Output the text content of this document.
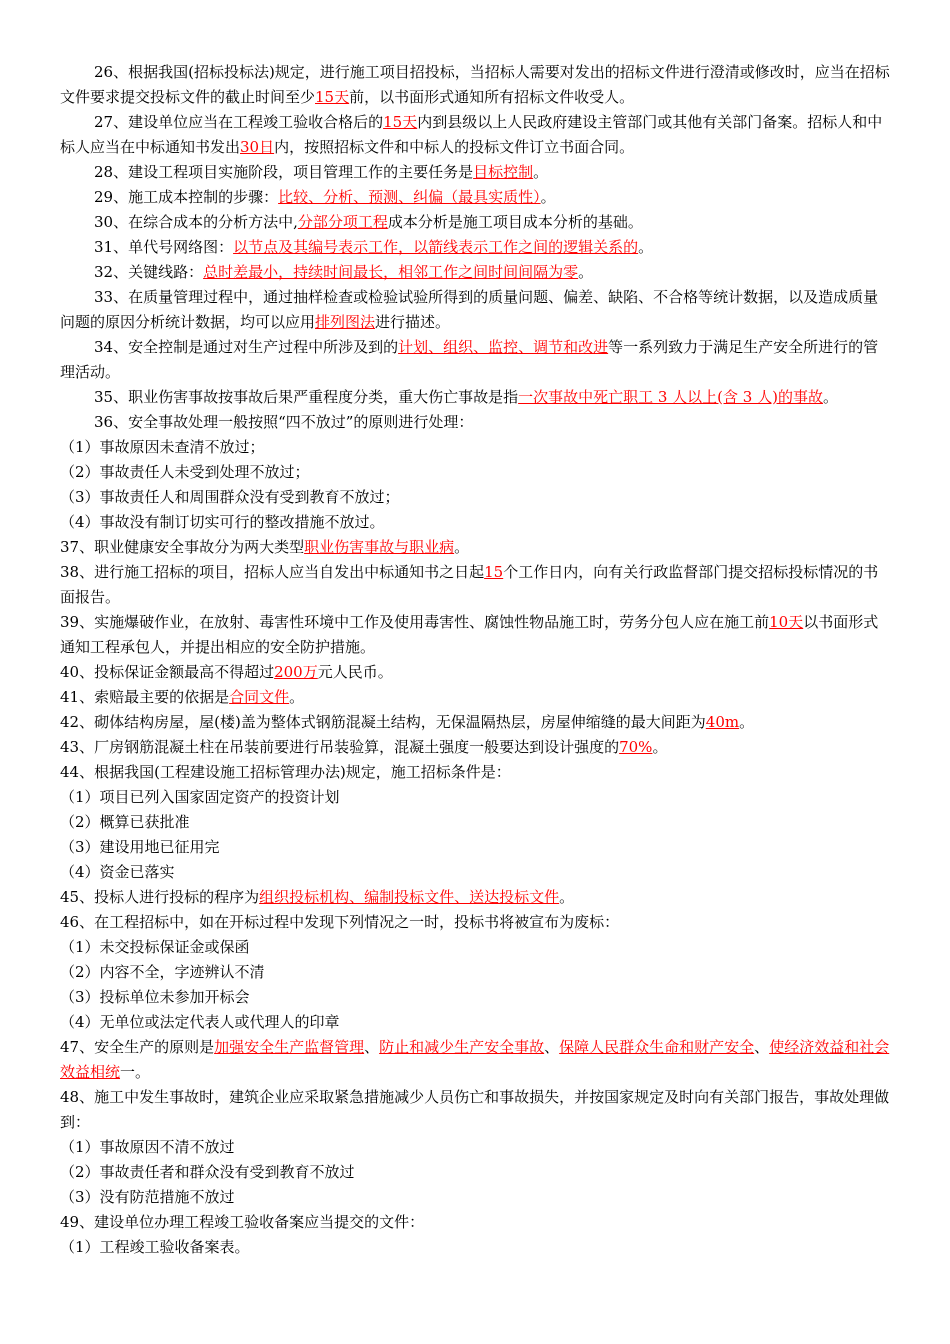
26、根据我国(招标投标法)规定，进行施工项目招投标，当招标人需要对发出的招标文件进行澄清或修改时，应当在招标文件要求提交投标文件的截止时间至少15天前，以书面形式通知所有招标文件收受人。

27、建设单位应当在工程竣工验收合格后的15天内到县级以上人民政府建设主管部门或其他有关部门备案。招标人和中标人应当在中标通知书发出30日内，按照招标文件和中标人的投标文件订立书面合同。

28、建设工程项目实施阶段，项目管理工作的主要任务是目标控制。

29、施工成本控制的步骤：比较、分析、预测、纠偏（最具实质性）。

30、在综合成本的分析方法中,分部分项工程成本分析是施工项目成本分析的基础。

31、单代号网络图：以节点及其编号表示工作，以箭线表示工作之间的逻辑关系的。

32、关键线路：总时差最小，持续时间最长，相邻工作之间时间间隔为零。

33、在质量管理过程中，通过抽样检查或检验试验所得到的质量问题、偏差、缺陷、不合格等统计数据，以及造成质量问题的原因分析统计数据，均可以应用排列图法进行描述。

34、安全控制是通过对生产过程中所涉及到的计划、组织、监控、调节和改进等一系列致力于满足生产安全所进行的管理活动。

35、职业伤害事故按事故后果严重程度分类，重大伤亡事故是指一次事故中死亡职工 3 人以上(含 3 人)的事故。

36、安全事故处理一般按照“四不放过”的原则进行处理：

（1）事故原因未查清不放过；

（2）事故责任人未受到处理不放过；

（3）事故责任人和周围群众没有受到教育不放过；

（4）事故没有制订切实可行的整改措施不放过。

37、职业健康安全事故分为两大类型职业伤害事故与职业病。

38、进行施工招标的项目，招标人应当自发出中标通知书之日起15个工作日内，向有关行政监督部门提交招标投标情况的书面报告。

39、实施爆破作业，在放射、毒害性环境中工作及使用毒害性、腐蚀性物品施工时，劳务分包人应在施工前10天以书面形式通知工程承包人，并提出相应的安全防护措施。

40、投标保证金额最高不得超过200万元人民币。

41、索赔最主要的依据是合同文件。

42、砌体结构房屋，屋(楼)盖为整体式钢筋混凝土结构，无保温隔热层，房屋伸缩缝的最大间距为40m。

43、厂房钢筋混凝土柱在吊装前要进行吊装验算，混凝土强度一般要达到设计强度的70%。

44、根据我国(工程建设施工招标管理办法)规定，施工招标条件是：

（1）项目已列入国家固定资产的投资计划

（2）概算已获批准

（3）建设用地已征用完

（4）资金已落实

45、投标人进行投标的程序为组织投标机构、编制投标文件、送达投标文件。

46、在工程招标中，如在开标过程中发现下列情况之一时，投标书将被宣布为废标：

（1）未交投标保证金或保函

（2）内容不全，字迹辨认不清

（3）投标单位未参加开标会

（4）无单位或法定代表人或代理人的印章

47、安全生产的原则是加强安全生产监督管理、防止和减少生产安全事故、保障人民群众生命和财产安全、使经济效益和社会效益相统一。

48、施工中发生事故时，建筑企业应采取紧急措施减少人员伤亡和事故损失，并按国家规定及时向有关部门报告，事故处理做到：

（1）事故原因不清不放过

（2）事故责任者和群众没有受到教育不放过

（3）没有防范措施不放过

49、建设单位办理工程竣工验收备案应当提交的文件：

（1）工程竣工验收备案表。
